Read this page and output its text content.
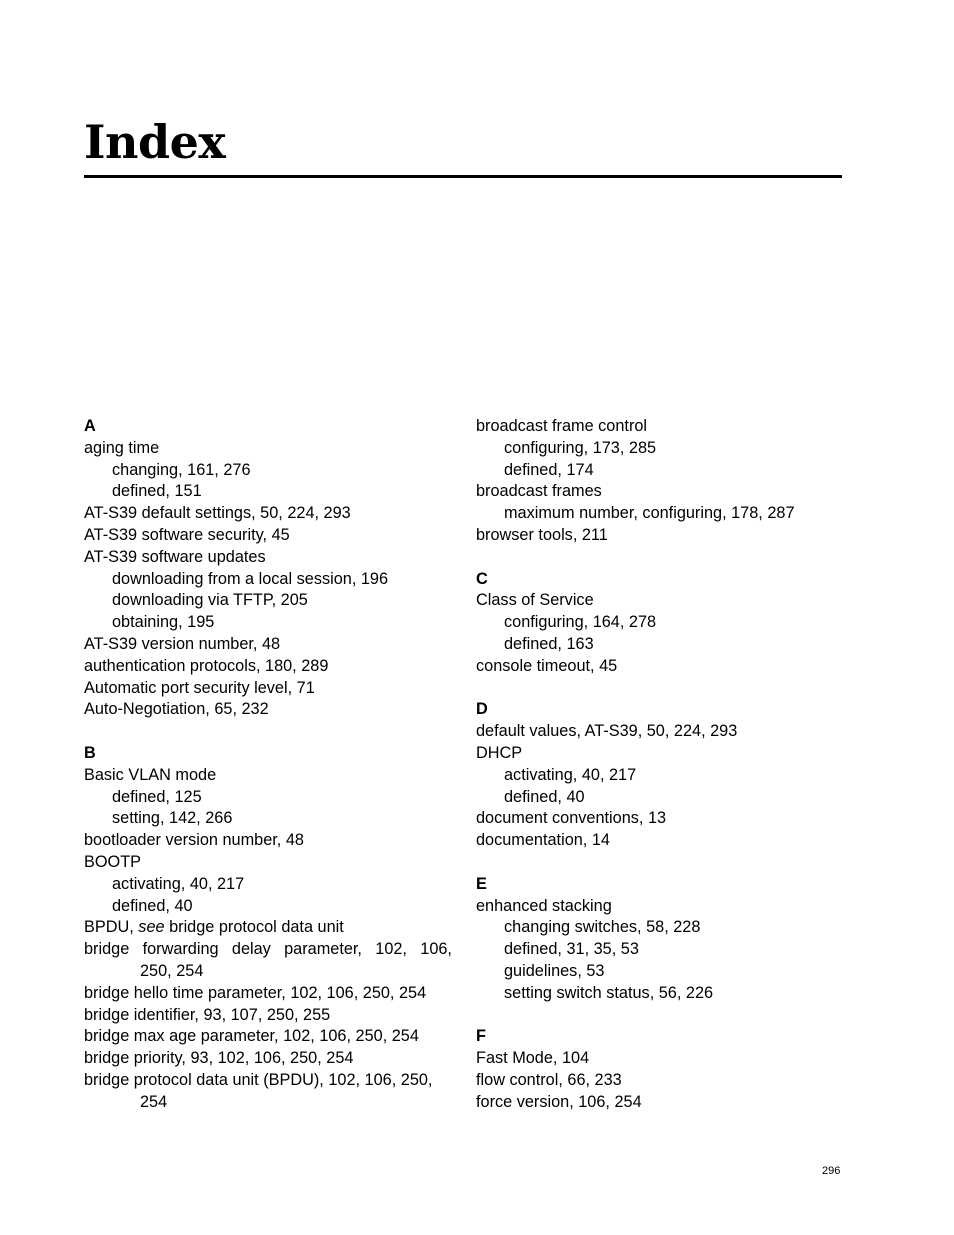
Index
A
aging time
changing, 161, 276
defined, 151
AT-S39 default settings, 50, 224, 293
AT-S39 software security, 45
AT-S39 software updates
downloading from a local session, 196
downloading via TFTP, 205
obtaining, 195
AT-S39 version number, 48
authentication protocols, 180, 289
Automatic port security level, 71
Auto-Negotiation, 65, 232
B
Basic VLAN mode
defined, 125
setting, 142, 266
bootloader version number, 48
BOOTP
activating, 40, 217
defined, 40
BPDU, see bridge protocol data unit
bridge forwarding delay parameter, 102, 106,
250, 254
bridge hello time parameter, 102, 106, 250, 254
bridge identifier, 93, 107, 250, 255
bridge max age parameter, 102, 106, 250, 254
bridge priority, 93, 102, 106, 250, 254
bridge protocol data unit (BPDU), 102, 106, 250,
254
broadcast frame control
configuring, 173, 285
defined, 174
broadcast frames
maximum number, configuring, 178, 287
browser tools, 211
C
Class of Service
configuring, 164, 278
defined, 163
console timeout, 45
D
default values, AT-S39, 50, 224, 293
DHCP
activating, 40, 217
defined, 40
document conventions, 13
documentation, 14
E
enhanced stacking
changing switches, 58, 228
defined, 31, 35, 53
guidelines, 53
setting switch status, 56, 226
F
Fast Mode, 104
flow control, 66, 233
force version, 106, 254
296
